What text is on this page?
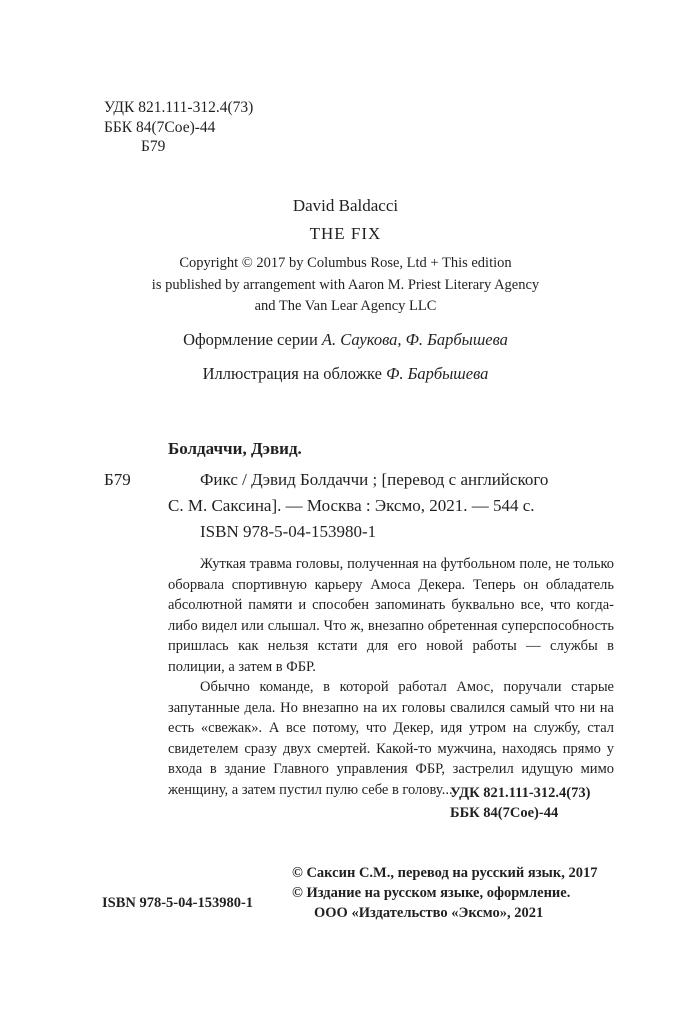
УДК 821.111-312.4(73)
ББК 84(7Сое)-44
Б79
David Baldacci
THE FIX
Copyright © 2017 by Columbus Rose, Ltd + This edition
is published by arrangement with Aaron M. Priest Literary Agency
and The Van Lear Agency LLC
Оформление серии А. Саукова, Ф. Барбышева
Иллюстрация на обложке Ф. Барбышева
Болдаччи, Дэвид.
Б79	Фикс / Дэвид Болдаччи ; [перевод с английского
С. М. Саксина]. — Москва : Эксмо, 2021. — 544 с.
ISBN 978-5-04-153980-1

Жуткая травма головы, полученная на футбольном поле, не только оборвала спортивную карьеру Амоса Декера. Теперь он обладатель абсолютной памяти и способен запоминать буквально все, что когда-либо видел или слышал. Что ж, внезапно обретенная суперспособность пришлась как нельзя кстати для его новой работы — службы в полиции, а затем в ФБР.

Обычно команде, в которой работал Амос, поручали старые запутанные дела. Но внезапно на их головы свалился самый что ни на есть «свежак». А все потому, что Декер, идя утром на службу, стал свидетелем сразу двух смертей. Какой-то мужчина, находясь прямо у входа в здание Главного управления ФБР, застрелил идущую мимо женщину, а затем пустил пулю себе в голову...

УДК 821.111-312.4(73)
ББК 84(7Сое)-44
ISBN 978-5-04-153980-1
© Саксин С.М., перевод на русский язык, 2017
© Издание на русском языке, оформление.
ООО «Издательство «Эксмо», 2021
